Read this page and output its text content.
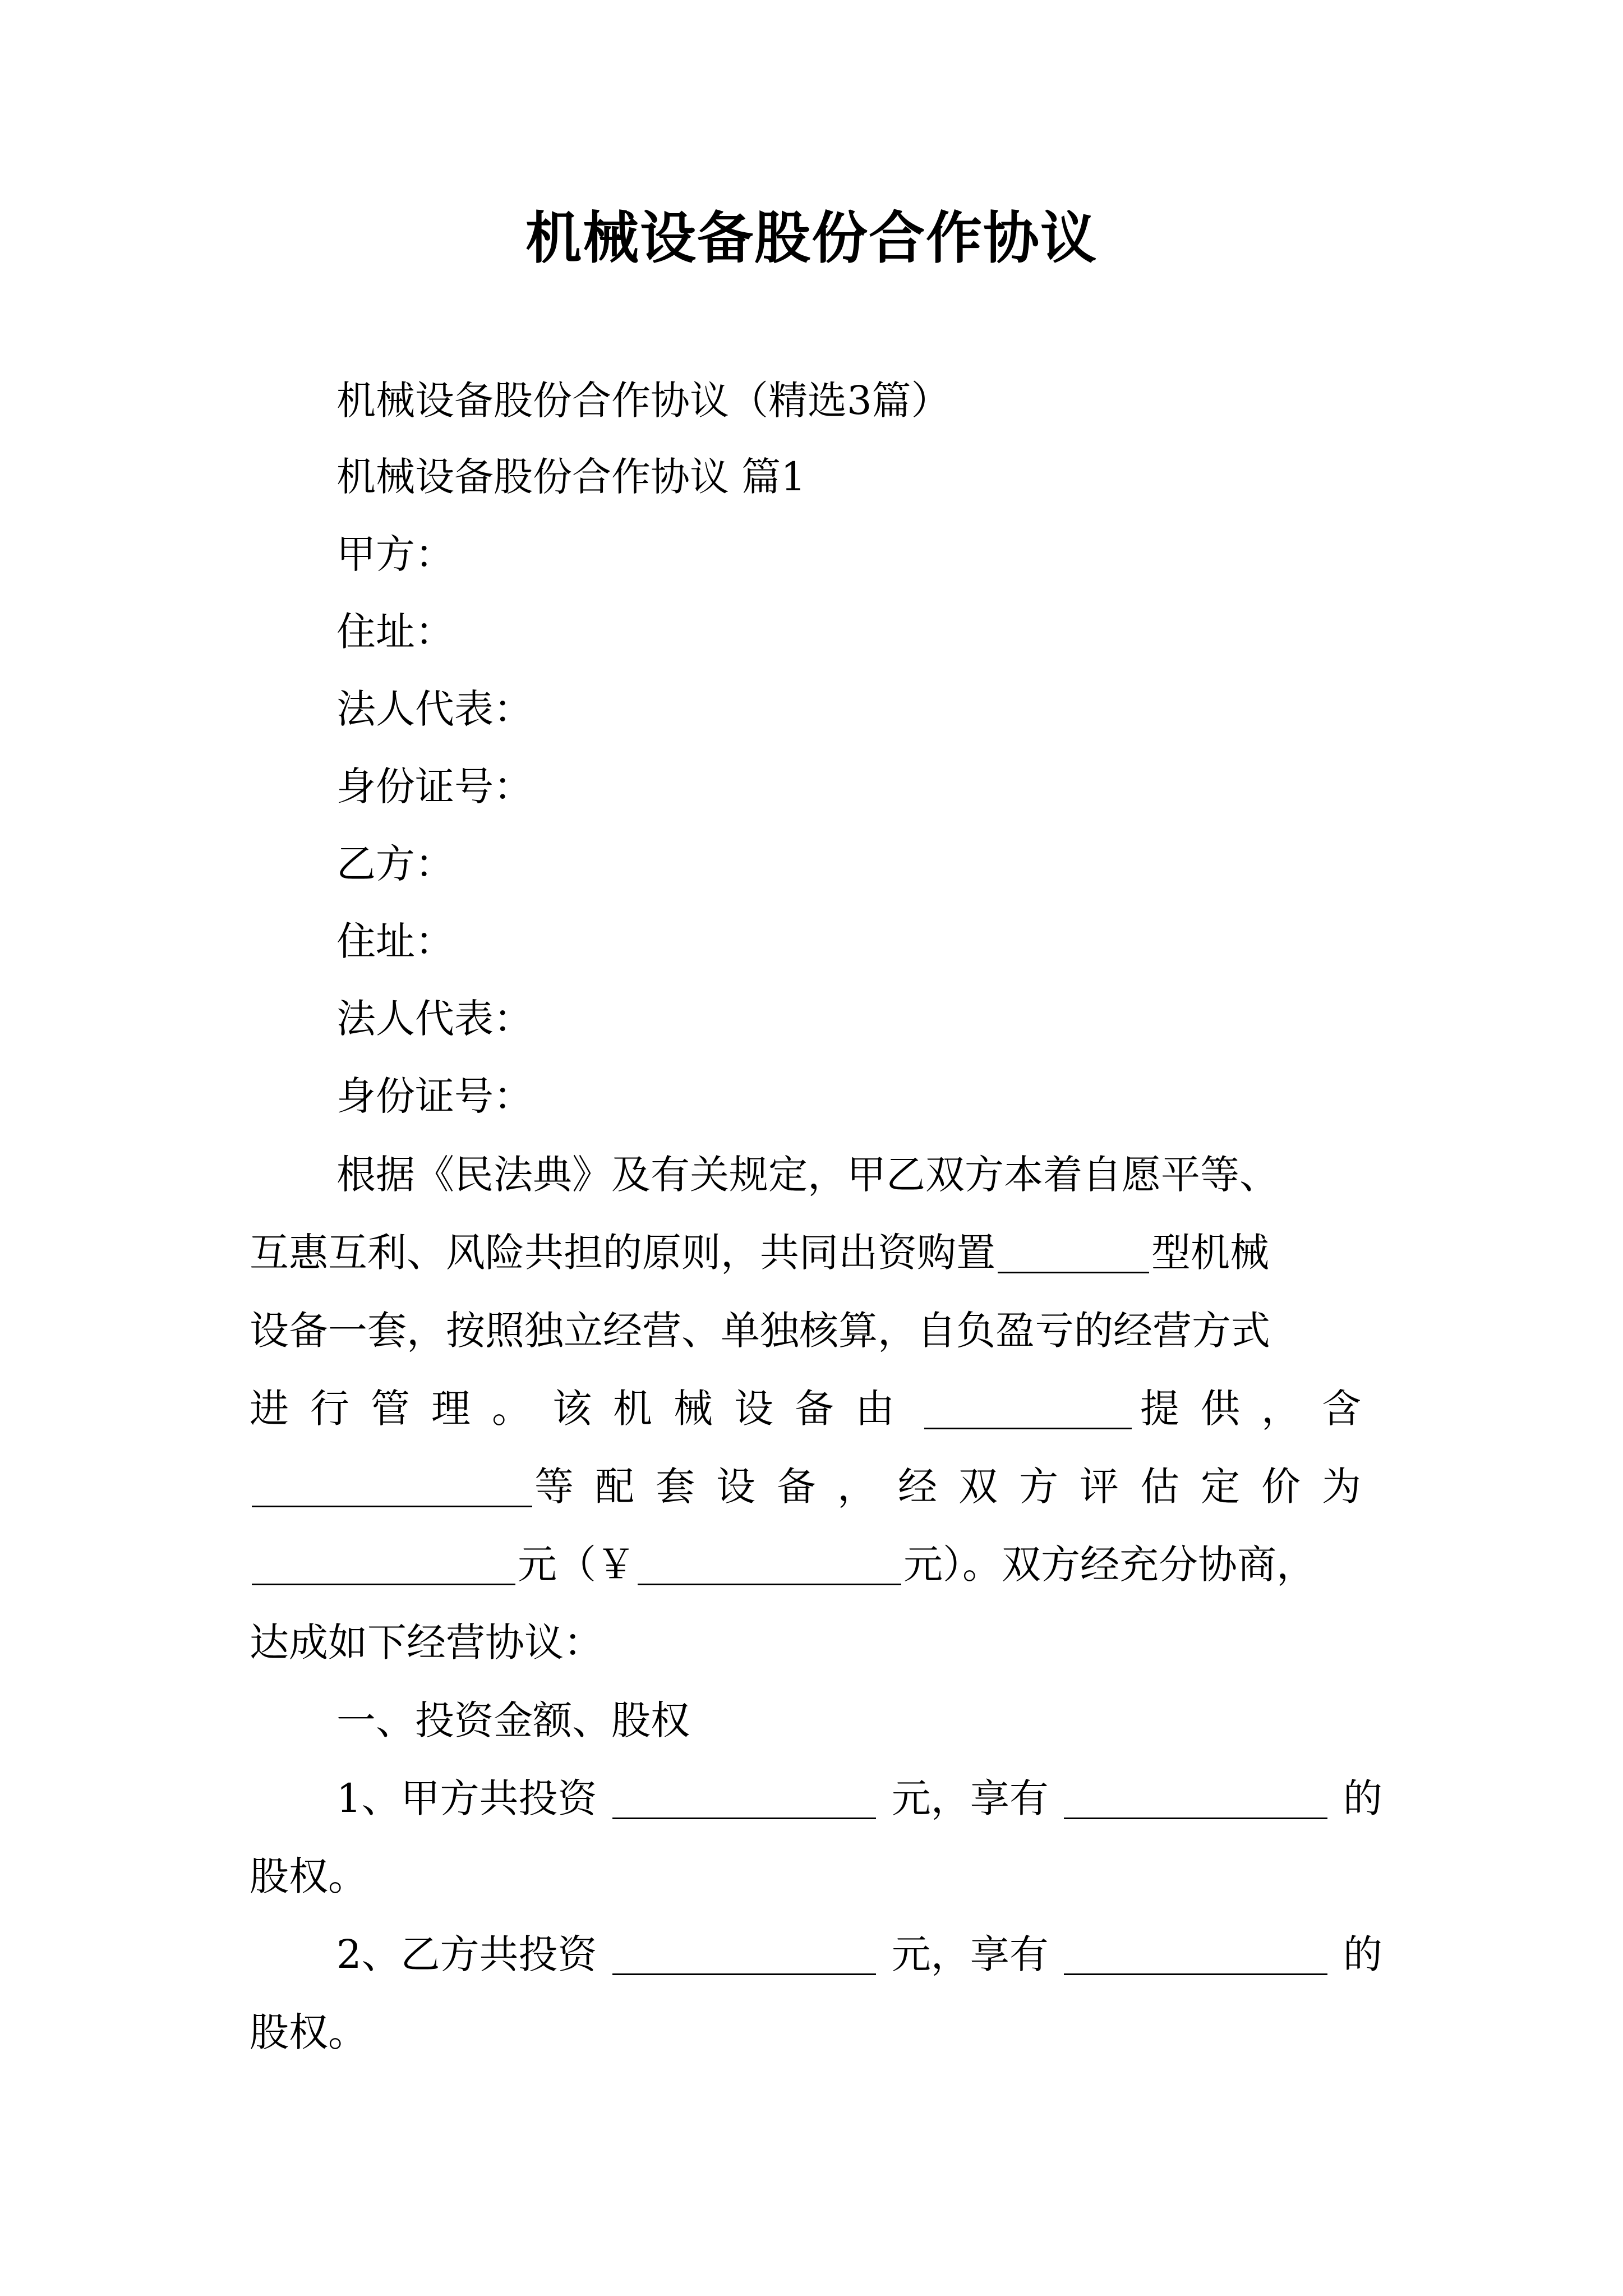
机械设备股份合作协议
机械设备股份合作协议（精选3篇）
机械设备股份合作协议 篇1
甲方：
住址：
法人代表：
身份证号：
乙方：
住址：
法人代表：
身份证号：
根据《民法典》及有关规定，甲乙双方本着自愿平等、
互惠互利、风险共担的原则，共同出资购置	型机械
设备一套，按照独立经营、单独核算，自负盈亏的经营方式
进行管理。该机械设备由	提供，含
等配套设备，经双方评估定价为
元（￥	元）。双方经充分协商，
达成如下经营协议：
一、投资金额、股权
1、甲方共投资	元，享有	的
股权。
2、乙方共投资	元，享有	的
股权。
